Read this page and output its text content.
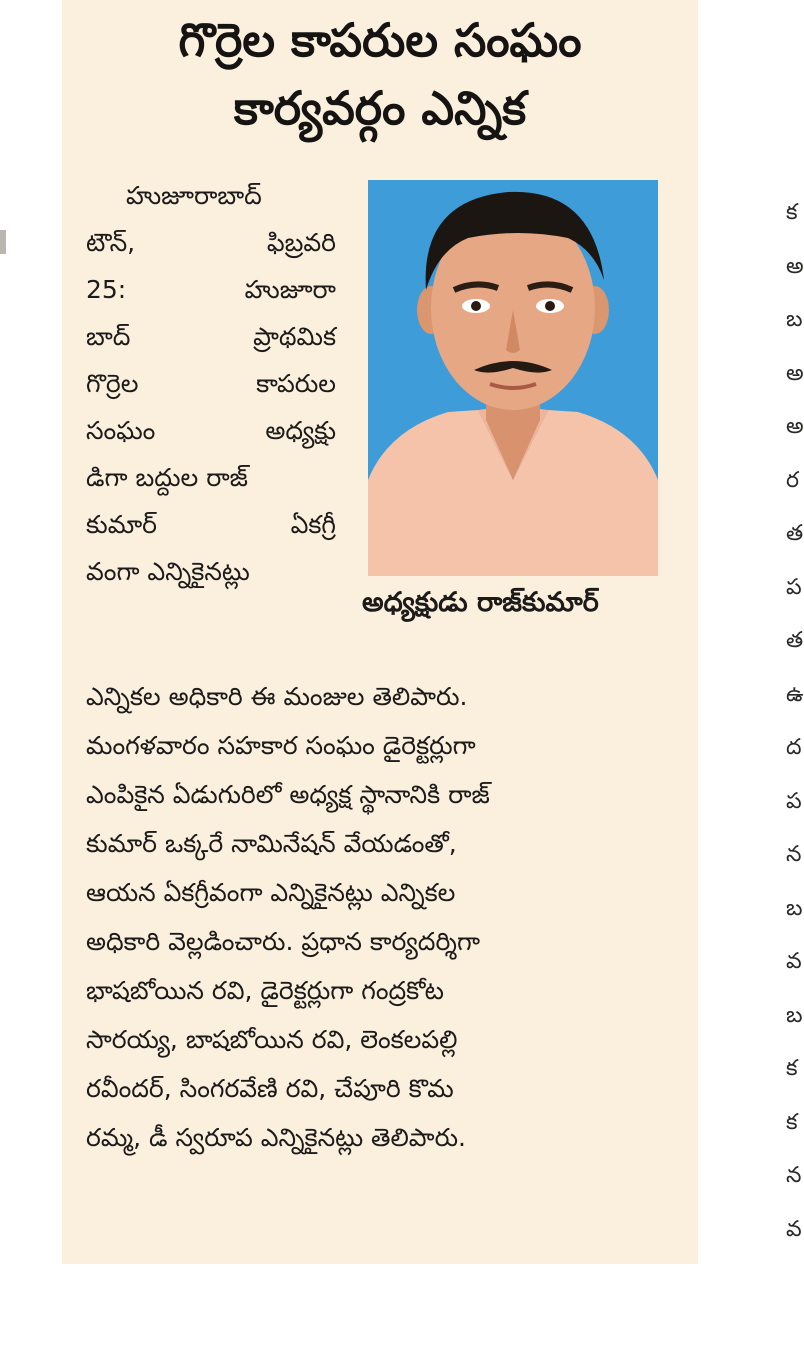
గొర్రెల కాపరుల సంఘం
కార్యవర్గం ఎన్నిక
హుజూరాబాద్
టౌన్,	ఫిబ్రవరి
25:	హుజూరా
బాద్	ప్రాథమిక
గొర్రెల	కాపరుల
సంఘం	అధ్యక్షు
డిగా బద్దుల రాజ్
కుమార్	ఏకగ్రీ
వంగా ఎన్నికైనట్లు
అధ్యక్షుడు రాజ్‌కుమార్
ఎన్నికల అధికారి ఈ మంజుల తెలిపారు.
మంగళవారం సహకార సంఘం డైరెక్టర్లుగా
ఎంపికైన ఏడుగురిలో అధ్యక్ష స్థానానికి రాజ్
కుమార్ ఒక్కరే నామినేషన్ వేయడంతో,
ఆయన ఏకగ్రీవంగా ఎన్నికైనట్లు ఎన్నికల
అధికారి వెల్లడించారు. ప్రధాన కార్యదర్శిగా
భాషబోయిన రవి, డైరెక్టర్లుగా గంద్రకోట
సారయ్య, బాషబోయిన రవి, లెంకలపల్లి
రవీందర్, సింగరవేణి రవి, చేపూరి కొమ
రమ్మ, డీ స్వరూప ఎన్నికైనట్లు తెలిపారు.
క
అ
బ
అ
అ
ర
త
ప
త
ఉ
ద
ప
న
బ
వ
బ
క
క
న
వ
